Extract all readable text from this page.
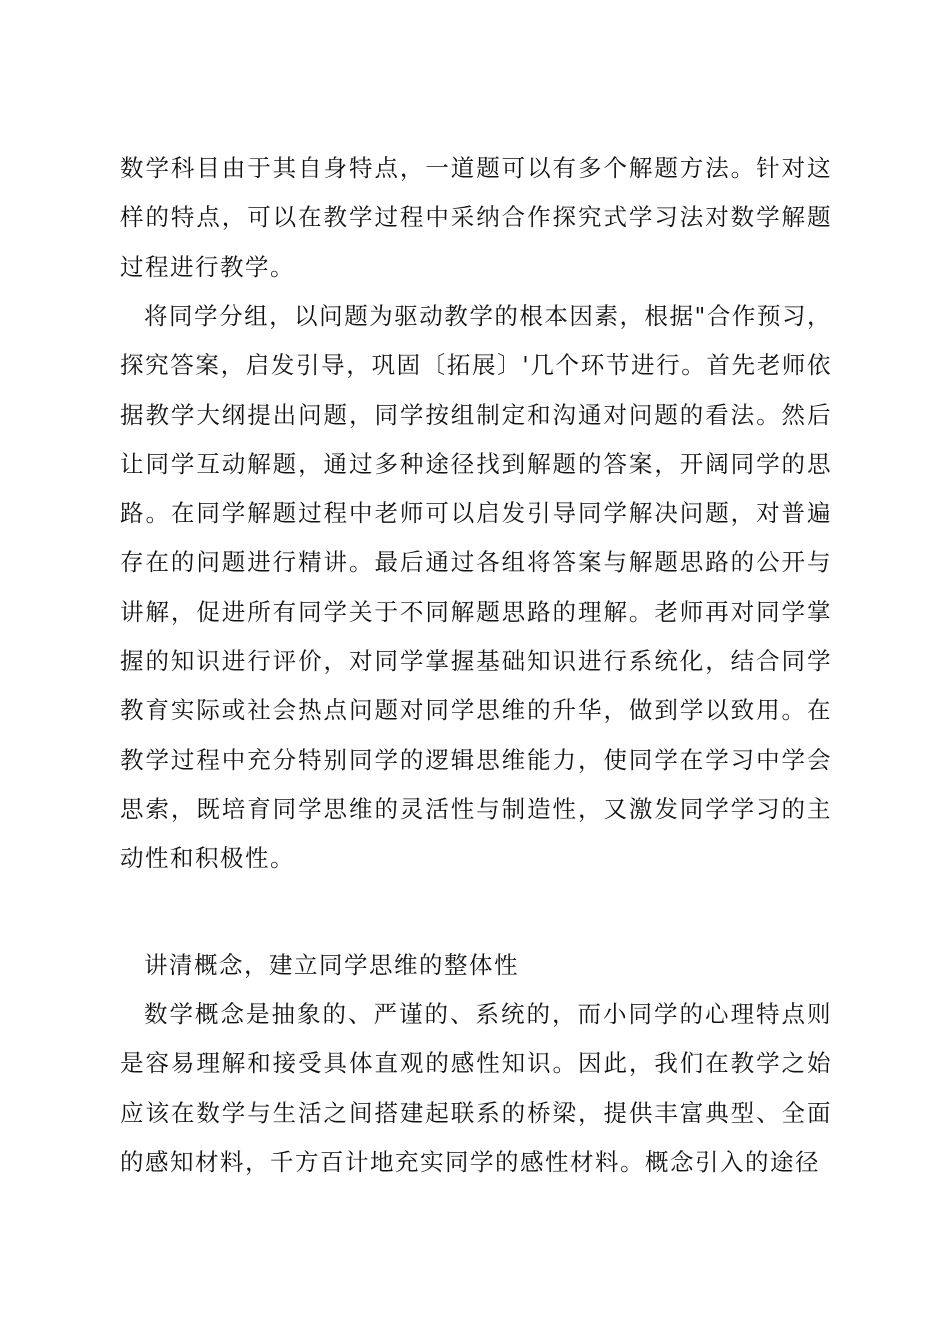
数学科目由于其自身特点，一道题可以有多个解题方法。针对这样的特点，可以在教学过程中采纳合作探究式学习法对数学解题过程进行教学。

将同学分组，以问题为驱动教学的根本因素，根据"合作预习，探究答案，启发引导，巩固〔拓展〕'几个环节进行。首先老师依据教学大纲提出问题，同学按组制定和沟通对问题的看法。然后让同学互动解题，通过多种途径找到解题的答案，开阔同学的思路。在同学解题过程中老师可以启发引导同学解决问题，对普遍存在的问题进行精讲。最后通过各组将答案与解题思路的公开与讲解，促进所有同学关于不同解题思路的理解。老师再对同学掌握的知识进行评价，对同学掌握基础知识进行系统化，结合同学教育实际或社会热点问题对同学思维的升华，做到学以致用。在教学过程中充分特别同学的逻辑思维能力，使同学在学习中学会思索，既培育同学思维的灵活性与制造性，又激发同学学习的主动性和积极性。

讲清概念，建立同学思维的整体性

数学概念是抽象的、严谨的、系统的，而小同学的心理特点则是容易理解和接受具体直观的感性知识。因此，我们在教学之始应该在数学与生活之间搭建起联系的桥梁，提供丰富典型、全面的感知材料，千方百计地充实同学的感性材料。概念引入的途径
